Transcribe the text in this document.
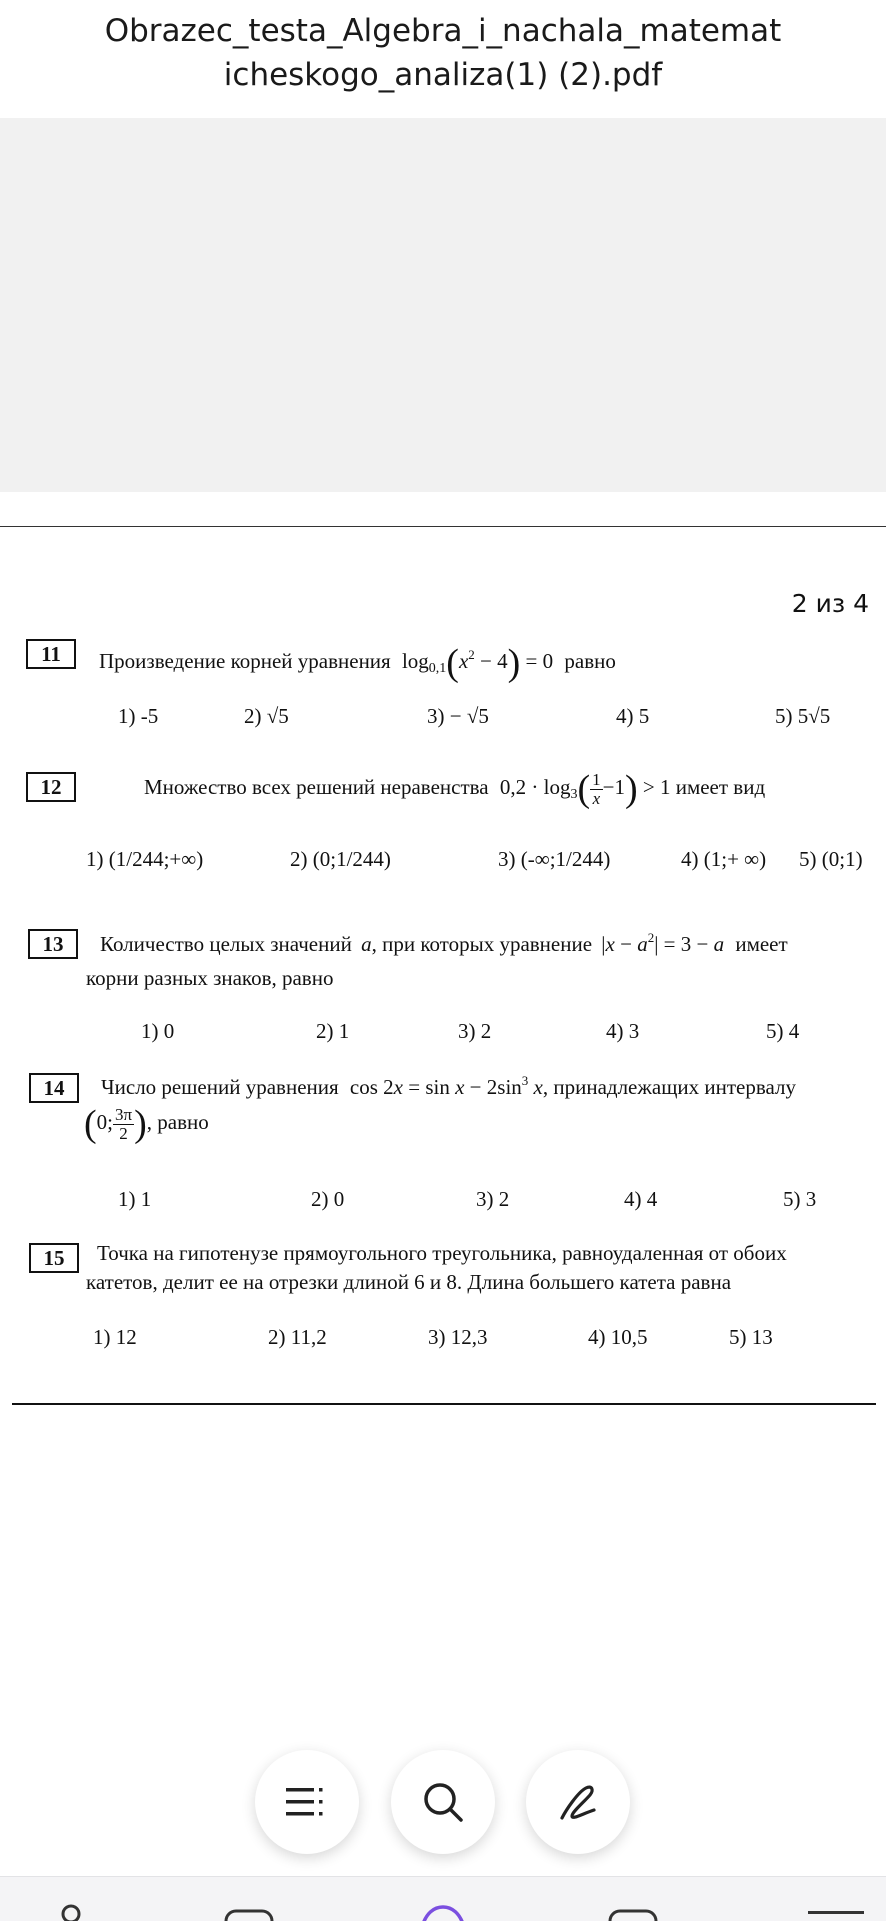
Obrazec_testa_Algebra_i_nachala_matemat
icheskogo_analiza(1) (2).pdf
2 из 4
11	Произведение корней уравнения $\log_{0,1}(x^2 - 4) = 0$ равно
1) -5	2) √5	3) − √5	4) 5	5) 5√5
12	Множество всех решений неравенства $0,2 \cdot \log_3( \frac{1}{x} -1) > 1$ имеет вид
1) (1/244;+∞)	2) (0;1/244)	3) (-∞;1/244)	4) (1;+ ∞) 5) (0;1)
13	Количество целых значений a, при которых уравнение $|x - a^2| = 3 - a$ имеет
корни разных знаков, равно
1) 0	2) 1	3) 2	4) 3	5) 4
14	Число решений уравнения $\cos 2x = \sin x - 2\sin^3$ x, принадлежащих интервалу
(0; $\frac{3\pi}{2}$ ), равно
1) 1	2) 0	3) 2	4) 4	5) 3
15	Точка на гипотенузе прямоугольного треугольника, равноудаленная от обоих
катетов, делит ее на отрезки длиной 6 и 8. Длина большего катета равна
1) 12	2) 11,2	3) 12,3	4) 10,5	5) 13
